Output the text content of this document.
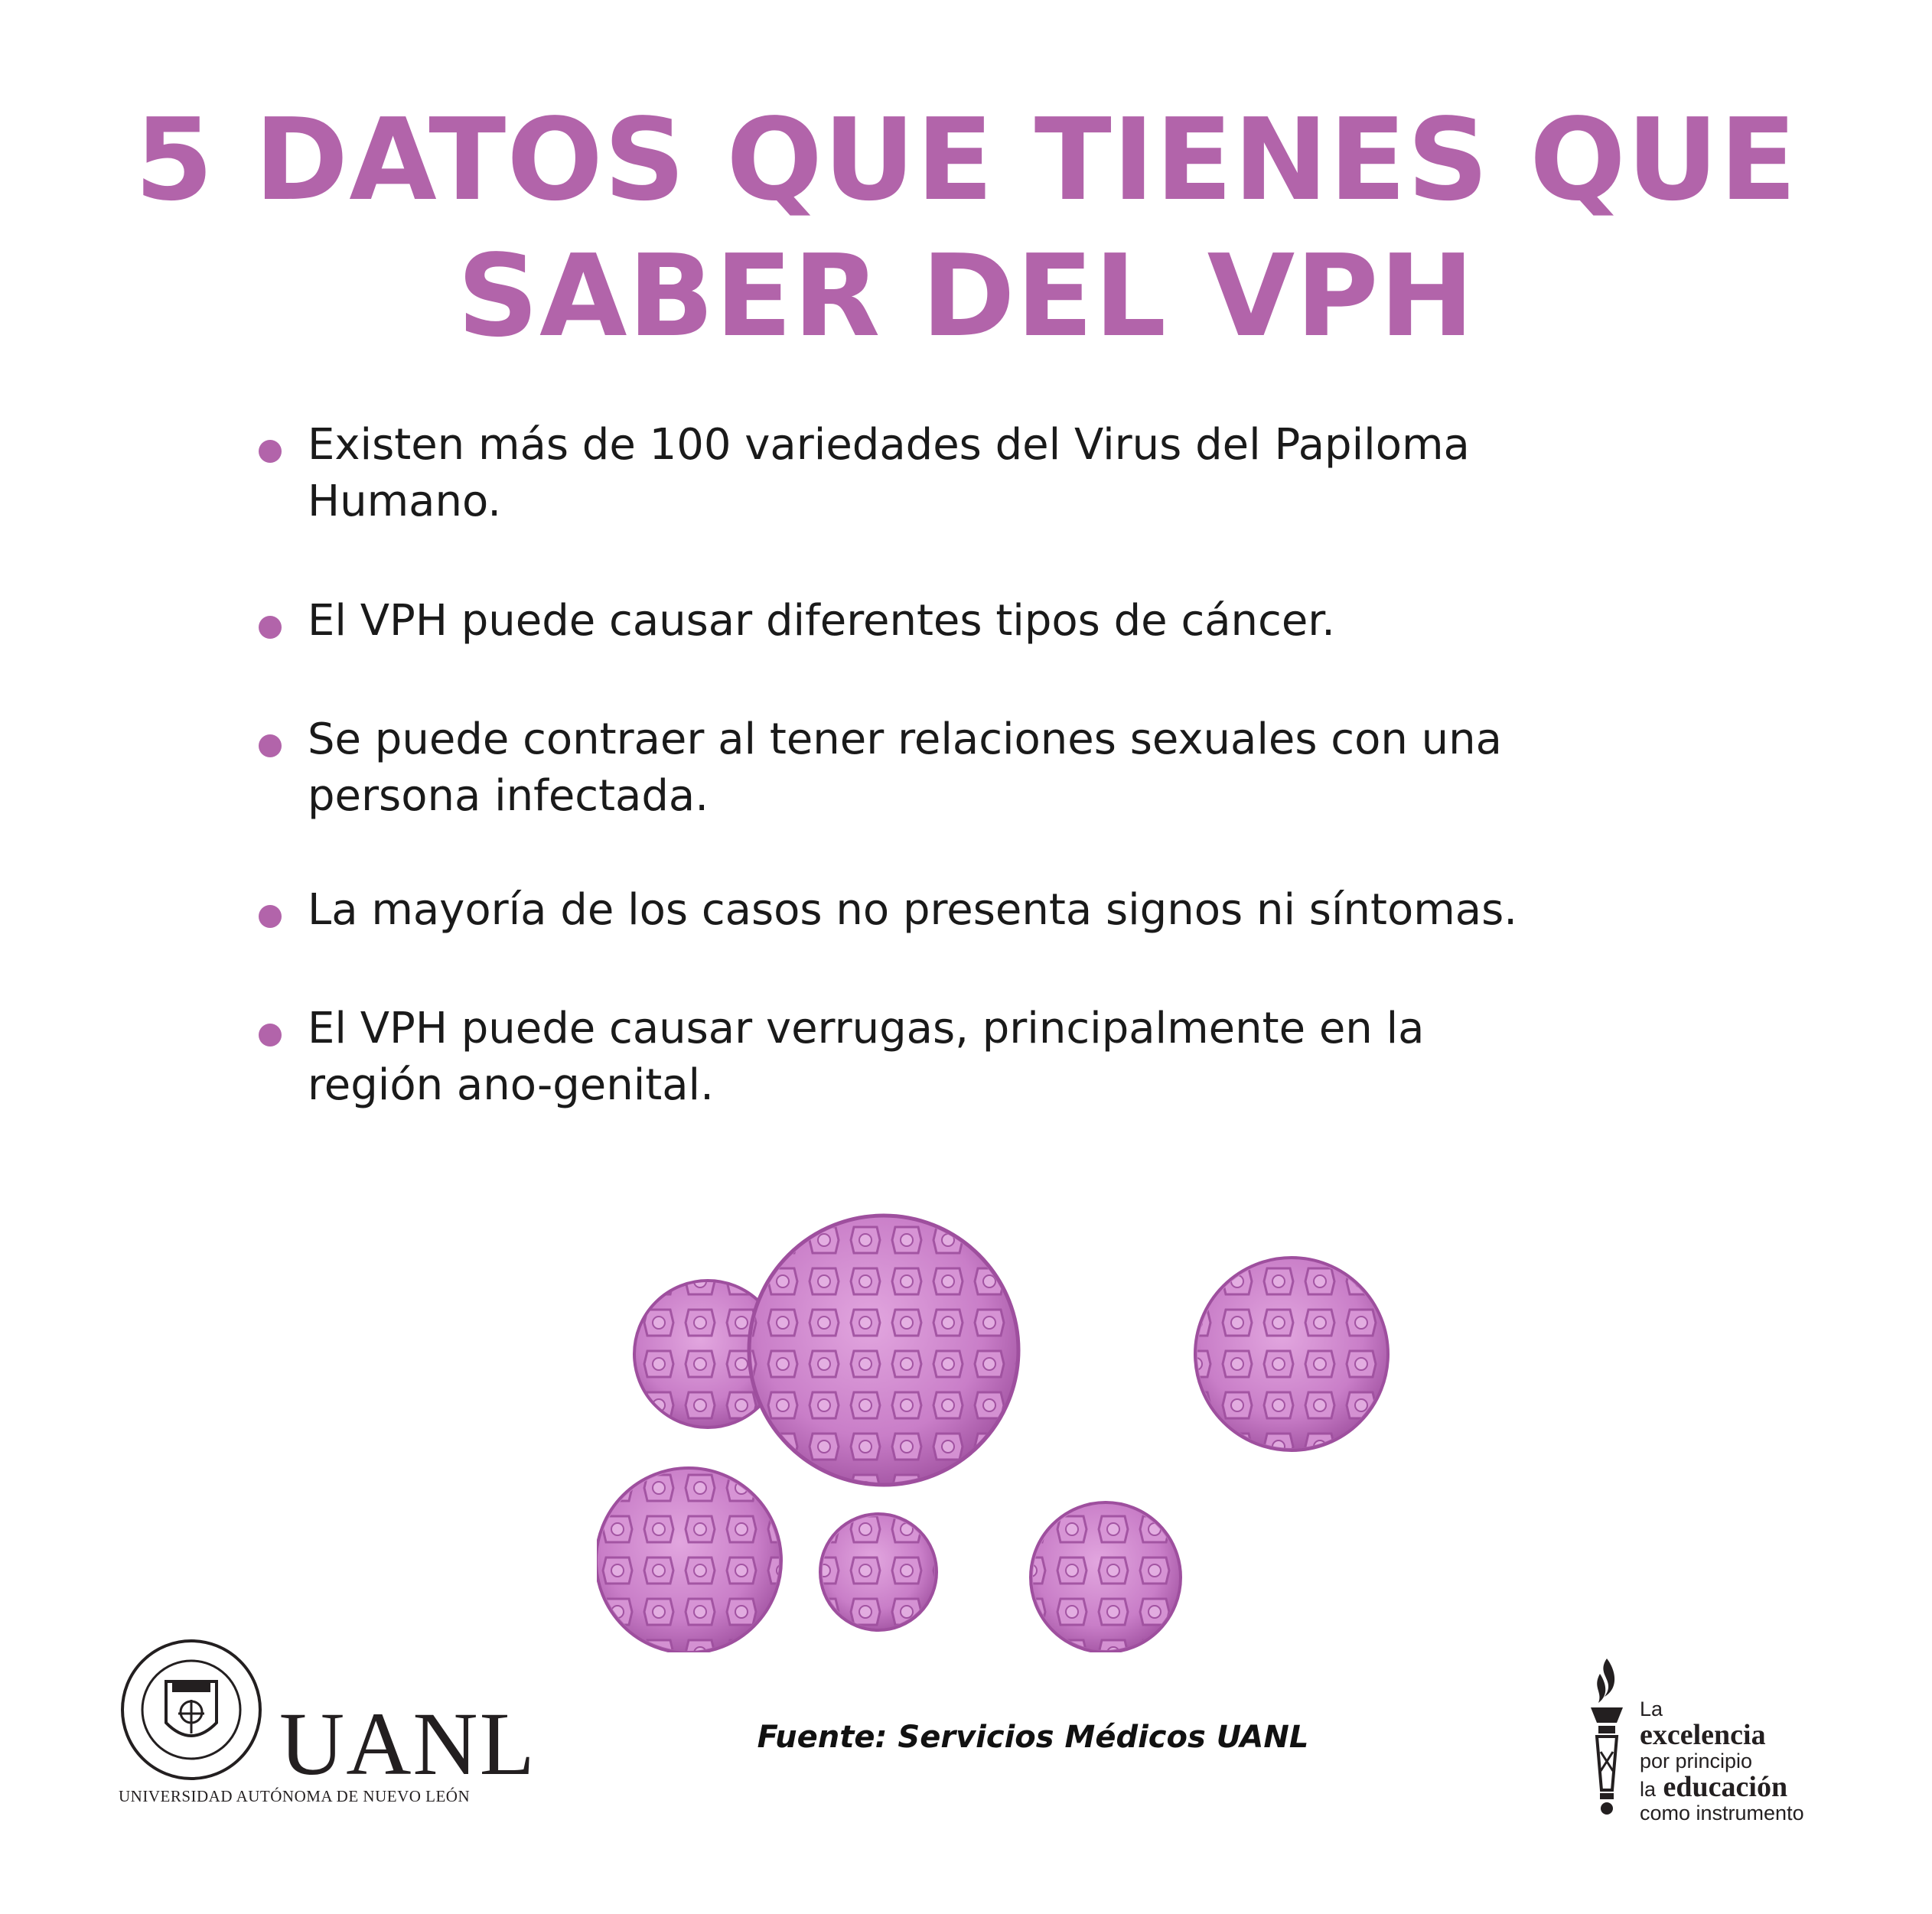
5 DATOS QUE TIENES QUE
SABER DEL VPH
Existen más de 100 variedades del Virus del Papiloma
Humano.
El VPH puede causar diferentes tipos de cáncer.
Se puede contraer al tener relaciones sexuales con una
persona infectada.
La mayoría de los casos no presenta signos ni síntomas.
El VPH puede causar verrugas, principalmente en la
región ano-genital.
Fuente: Servicios Médicos UANL
UANL
UNIVERSIDAD AUTÓNOMA DE NUEVO LEÓN
La
excelencia
por principio
la educación
como instrumento
